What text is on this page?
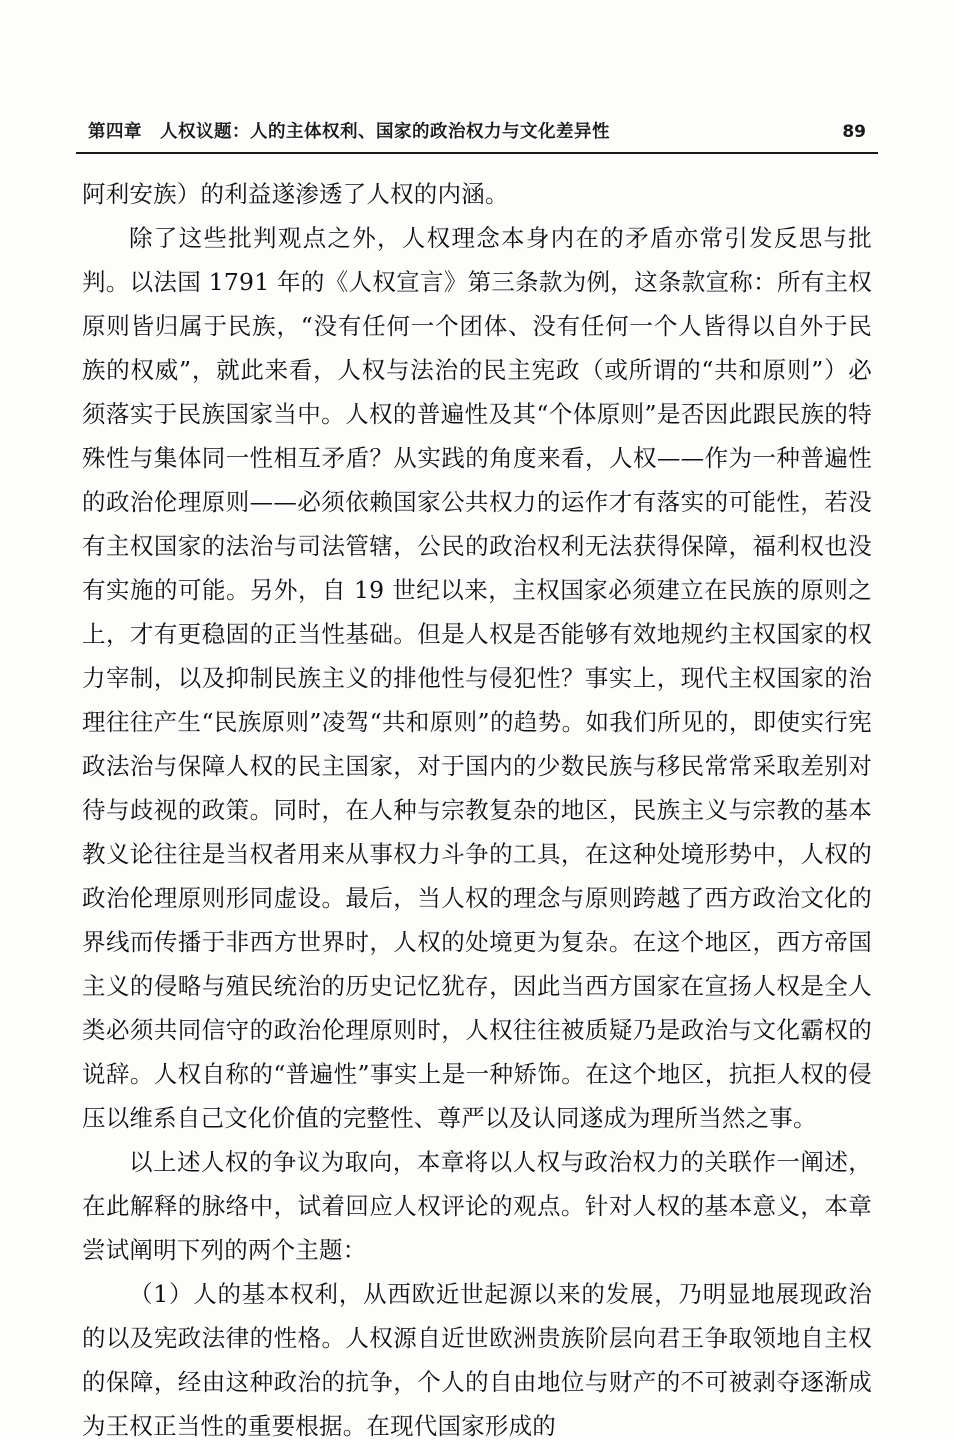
第四章　人权议题：人的主体权利、国家的政治权力与文化差异性	89

阿利安族）的利益遂渗透了人权的内涵。

除了这些批判观点之外，人权理念本身内在的矛盾亦常引发反思与批判。以法国 1791 年的《人权宣言》第三条款为例，这条款宣称：所有主权原则皆归属于民族，“没有任何一个团体、没有任何一个人皆得以自外于民族的权威”，就此来看，人权与法治的民主宪政（或所谓的“共和原则”）必须落实于民族国家当中。人权的普遍性及其“个体原则”是否因此跟民族的特殊性与集体同一性相互矛盾？从实践的角度来看，人权——作为一种普遍性的政治伦理原则——必须依赖国家公共权力的运作才有落实的可能性，若没有主权国家的法治与司法管辖，公民的政治权利无法获得保障，福利权也没有实施的可能。另外，自 19 世纪以来，主权国家必须建立在民族的原则之上，才有更稳固的正当性基础。但是人权是否能够有效地规约主权国家的权力宰制，以及抑制民族主义的排他性与侵犯性？事实上，现代主权国家的治理往往产生“民族原则”凌驾“共和原则”的趋势。如我们所见的，即使实行宪政法治与保障人权的民主国家，对于国内的少数民族与移民常常采取差别对待与歧视的政策。同时，在人种与宗教复杂的地区，民族主义与宗教的基本教义论往往是当权者用来从事权力斗争的工具，在这种处境形势中，人权的政治伦理原则形同虚设。最后，当人权的理念与原则跨越了西方政治文化的界线而传播于非西方世界时，人权的处境更为复杂。在这个地区，西方帝国主义的侵略与殖民统治的历史记忆犹存，因此当西方国家在宣扬人权是全人类必须共同信守的政治伦理原则时，人权往往被质疑乃是政治与文化霸权的说辞。人权自称的“普遍性”事实上是一种矫饰。在这个地区，抗拒人权的侵压以维系自己文化价值的完整性、尊严以及认同遂成为理所当然之事。

以上述人权的争议为取向，本章将以人权与政治权力的关联作一阐述，在此解释的脉络中，试着回应人权评论的观点。针对人权的基本意义，本章尝试阐明下列的两个主题：

（1）人的基本权利，从西欧近世起源以来的发展，乃明显地展现政治的以及宪政法律的性格。人权源自近世欧洲贵族阶层向君王争取领地自主权的保障，经由这种政治的抗争，个人的自由地位与财产的不可被剥夺逐渐成为王权正当性的重要根据。在现代国家形成的
